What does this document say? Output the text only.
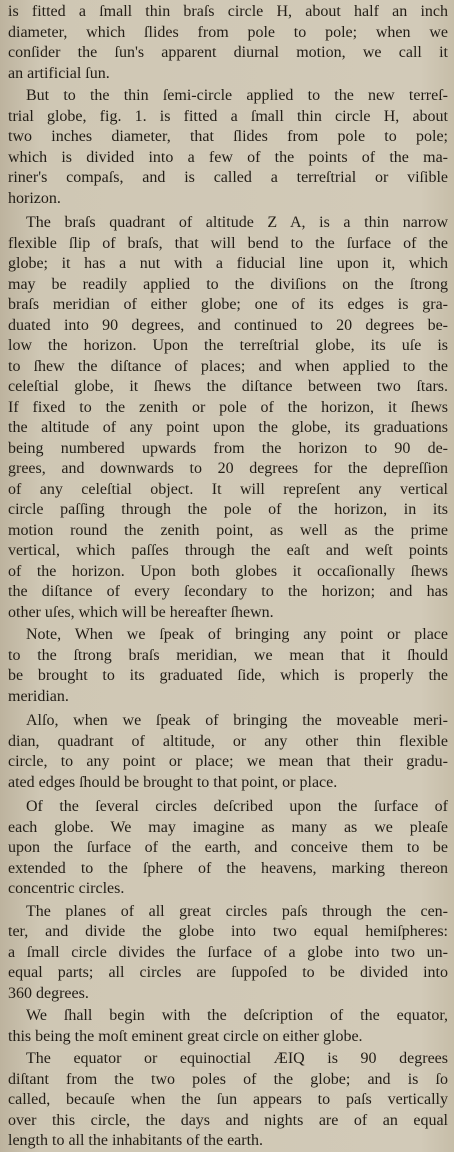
is fitted a ſmall thin braſs circle H, about half an inch
diameter, which ſlides from pole to pole; when we
conſider the ſun's apparent diurnal motion, we call it
an artificial ſun.
But to the thin ſemi-circle applied to the new terreſ-
trial globe, fig. 1. is fitted a ſmall thin circle H, about
two inches diameter, that ſlides from pole to pole;
which is divided into a few of the points of the ma-
riner's compaſs, and is called a terreſtrial or viſible
horizon.
The braſs quadrant of altitude Z A, is a thin narrow
flexible ſlip of braſs, that will bend to the ſurface of the
globe; it has a nut with a fiducial line upon it, which
may be readily applied to the diviſions on the ſtrong
braſs meridian of either globe; one of its edges is gra-
duated into 90 degrees, and continued to 20 degrees be-
low the horizon. Upon the terreſtrial globe, its uſe is
to ſhew the diſtance of places; and when applied to the
celeſtial globe, it ſhews the diſtance between two ſtars.
If fixed to the zenith or pole of the horizon, it ſhews
the altitude of any point upon the globe, its graduations
being numbered upwards from the horizon to 90 de-
grees, and downwards to 20 degrees for the depreſſion
of any celeſtial object. It will repreſent any vertical
circle paſſing through the pole of the horizon, in its
motion round the zenith point, as well as the prime
vertical, which paſſes through the eaſt and weſt points
of the horizon. Upon both globes it occaſionally ſhews
the diſtance of every ſecondary to the horizon; and has
other uſes, which will be hereafter ſhewn.
Note, When we ſpeak of bringing any point or place
to the ſtrong braſs meridian, we mean that it ſhould
be brought to its graduated ſide, which is properly the
meridian.
Alſo, when we ſpeak of bringing the moveable meri-
dian, quadrant of altitude, or any other thin flexible
circle, to any point or place; we mean that their gradu-
ated edges ſhould be brought to that point, or place.
Of the ſeveral circles deſcribed upon the ſurface of
each globe. We may imagine as many as we pleaſe
upon the ſurface of the earth, and conceive them to be
extended to the ſphere of the heavens, marking thereon
concentric circles.
The planes of all great circles paſs through the cen-
ter, and divide the globe into two equal hemiſpheres:
a ſmall circle divides the ſurface of a globe into two un-
equal parts; all circles are ſuppoſed to be divided into
360 degrees.
We ſhall begin with the deſcription of the equator,
this being the moſt eminent great circle on either globe.
The equator or equinoctial ÆIQ is 90 degrees
diſtant from the two poles of the globe; and is ſo
called, becauſe when the ſun appears to paſs vertically
over this circle, the days and nights are of an equal
length to all the inhabitants of the earth.
